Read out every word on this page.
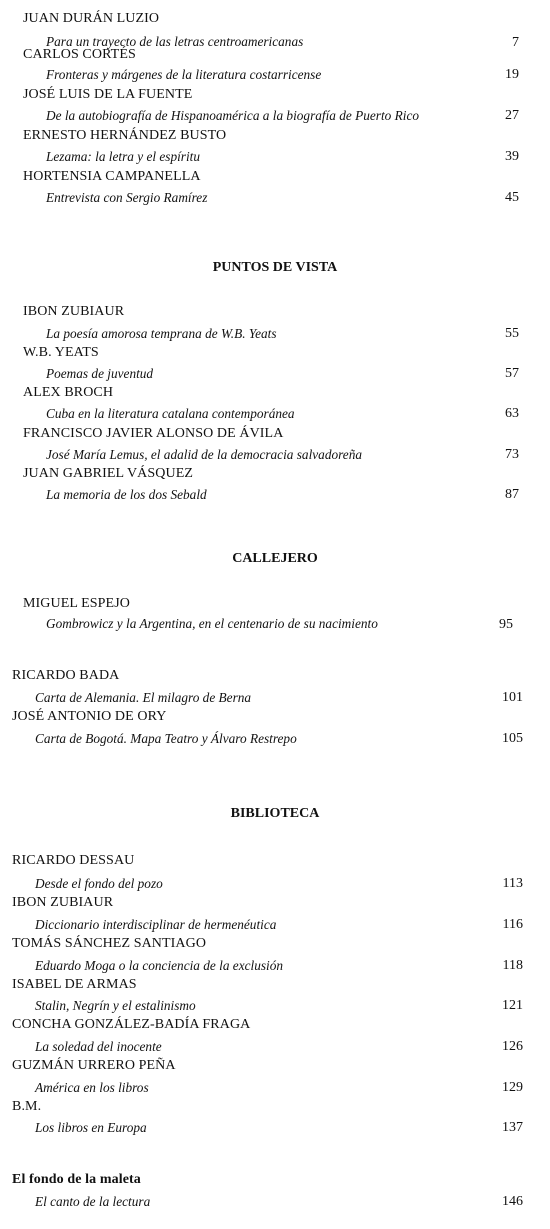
JUAN DURÁN LUZIO
Para un trayecto de las letras centroamericanas	7
CARLOS CORTÉS
Fronteras y márgenes de la literatura costarricense	19
JOSÉ LUIS DE LA FUENTE
De la autobiografía de Hispanoamérica a la biografía de Puerto Rico	27
ERNESTO HERNÁNDEZ BUSTO
Lezama: la letra y el espíritu	39
HORTENSIA CAMPANELLA
Entrevista con Sergio Ramírez	45
PUNTOS DE VISTA
IBON ZUBIAUR
La poesía amorosa temprana de W.B. Yeats	55
W.B. YEATS
Poemas de juventud	57
ALEX BROCH
Cuba en la literatura catalana contemporánea	63
FRANCISCO JAVIER ALONSO DE ÁVILA
José María Lemus, el adalid de la democracia salvadoreña	73
JUAN GABRIEL VÁSQUEZ
La memoria de los dos Sebald	87
CALLEJERO
MIGUEL ESPEJO
Gombrowicz y la Argentina, en el centenario de su nacimiento	95
RICARDO BADA
Carta de Alemania. El milagro de Berna	101
JOSÉ ANTONIO DE ORY
Carta de Bogotá. Mapa Teatro y Álvaro Restrepo	105
BIBLIOTECA
RICARDO DESSAU
Desde el fondo del pozo	113
IBON ZUBIAUR
Diccionario interdisciplinar de hermenéutica	116
TOMÁS SÁNCHEZ SANTIAGO
Eduardo Moga o la conciencia de la exclusión	118
ISABEL DE ARMAS
Stalin, Negrín y el estalinismo	121
CONCHA GONZÁLEZ-BADÍA FRAGA
La soledad del inocente	126
GUZMÁN URRERO PEÑA
América en los libros	129
B.M.
Los libros en Europa	137
El fondo de la maleta
El canto de la lectura	146
